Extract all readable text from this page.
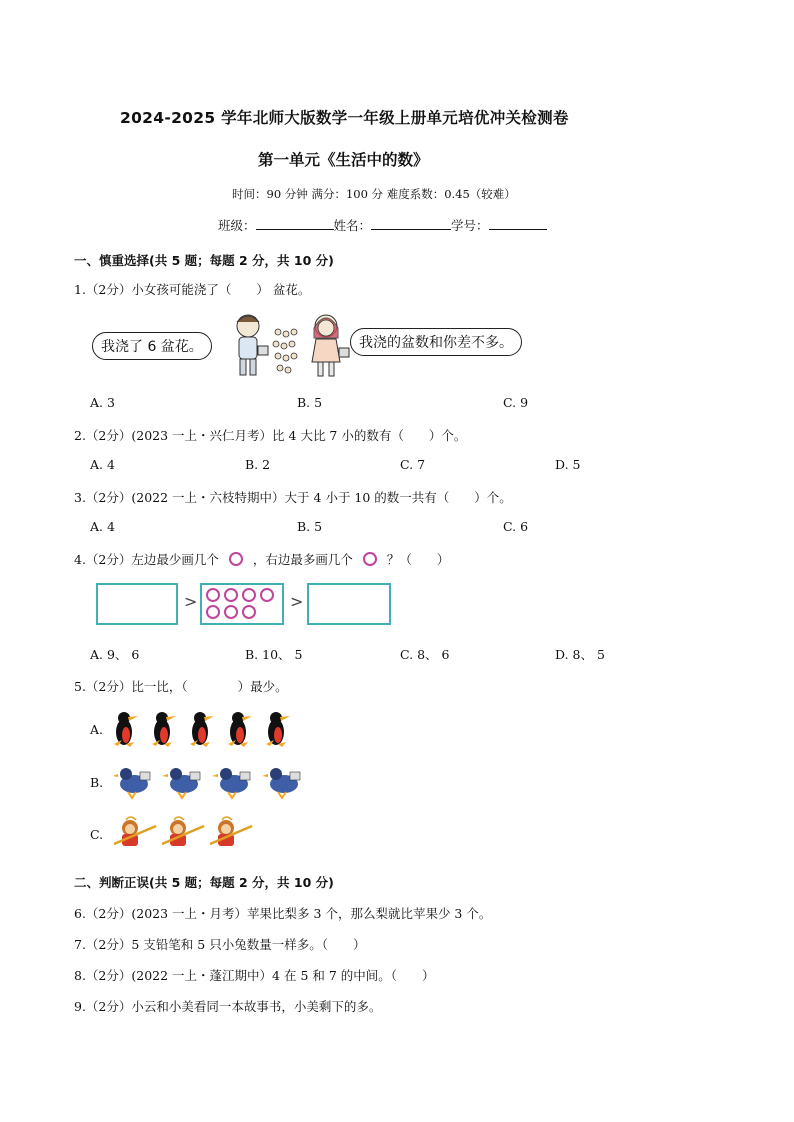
2024-2025 学年北师大版数学一年级上册单元培优冲关检测卷
第一单元《生活中的数》
时间：90 分钟 满分：100 分 难度系数：0.45（较难）
班级：	姓名：	学号：
一、慎重选择(共 5 题；每题 2 分，共 10 分)
1.（2分）小女孩可能浇了（　　） 盆花。
我浇了 6 盆花。	我浇的盆数和你差不多。
A. 3	B. 5	C. 9
2.（2分）(2023 一上・兴仁月考）比 4 大比 7 小的数有（　　）个。
A. 4	B. 2	C. 7	D. 5
3.（2分）(2022 一上・六枝特期中）大于 4 小于 10 的数一共有（　　）个。
A. 4	B. 5	C. 6
4.（2分）左边最少画几个	，右边最多画几个	？（　　）
>	>
A. 9、 6	B. 10、 5	C. 8、 6	D. 8、 5
5.（2分）比一比，（　　　　）最少。
A.
B.
C.
二、判断正误(共 5 题；每题 2 分，共 10 分)
6.（2分）(2023 一上・月考）苹果比梨多 3 个，那么梨就比苹果少 3 个。
7.（2分）5 支铅笔和 5 只小兔数量一样多。（　　）
8.（2分）(2022 一上・蓬江期中）4 在 5 和 7 的中间。（　　）
9.（2分）小云和小美看同一本故事书，小美剩下的多。
